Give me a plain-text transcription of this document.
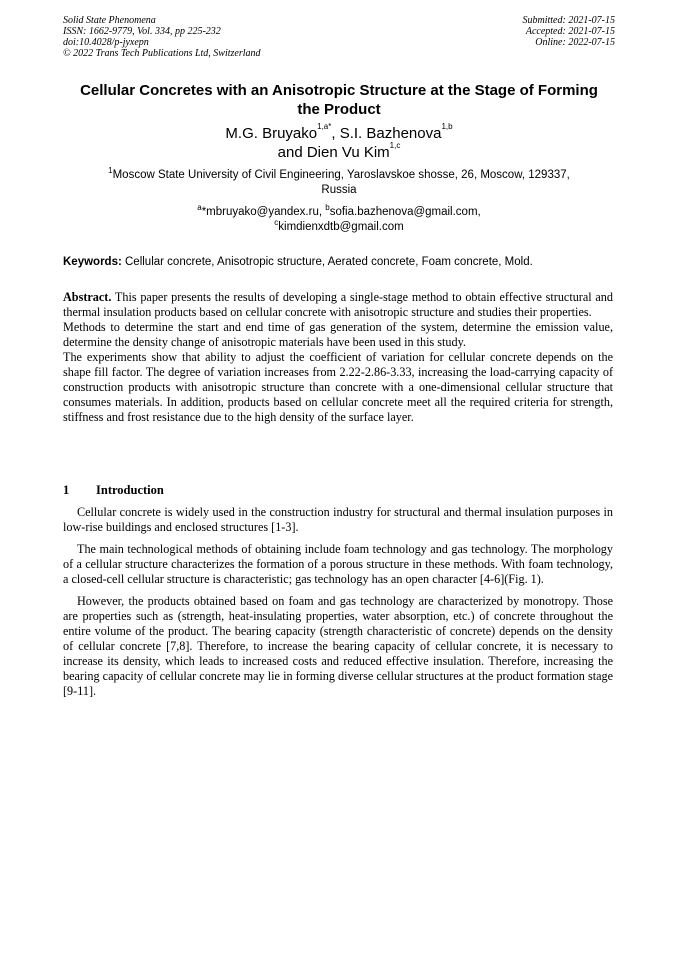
Solid State Phenomena
ISSN: 1662-9779, Vol. 334, pp 225-232
doi:10.4028/p-jyxepn
© 2022 Trans Tech Publications Ltd, Switzerland
Submitted: 2021-07-15
Accepted: 2021-07-15
Online: 2022-07-15
Cellular Concretes with an Anisotropic Structure at the Stage of Forming the Product
M.G. Bruyako$^{1,a*}$, S.I. Bazhenova$^{1,b}$
and Dien Vu Kim$^{1,c}$
$^1$Moscow State University of Civil Engineering, Yaroslavskoe shosse, 26, Moscow, 129337, Russia
$^a$*mbruyako@yandex.ru, $^b$sofia.bazhenova@gmail.com,
$^c$kimdienxdtb@gmail.com
Keywords: Cellular concrete, Anisotropic structure, Aerated concrete, Foam concrete, Mold.

Abstract. This paper presents the results of developing a single-stage method to obtain effective structural and thermal insulation products based on cellular concrete with anisotropic structure and studies their properties.

Methods to determine the start and end time of gas generation of the system, determine the emission value, determine the density change of anisotropic materials have been used in this study.

The experiments show that ability to adjust the coefficient of variation for cellular concrete depends on the shape fill factor. The degree of variation increases from 2.22-2.86-3.33, increasing the load-carrying capacity of construction products with anisotropic structure than concrete with a one-dimensional cellular structure that consumes materials. In addition, products based on cellular concrete meet all the required criteria for strength, stiffness and frost resistance due to the high density of the surface layer.

1 Introduction

Cellular concrete is widely used in the construction industry for structural and thermal insulation purposes in low-rise buildings and enclosed structures [1-3].

The main technological methods of obtaining include foam technology and gas technology. The morphology of a cellular structure characterizes the formation of a porous structure in these methods. With foam technology, a closed-cell cellular structure is characteristic; gas technology has an open character [4-6](Fig. 1).

However, the products obtained based on foam and gas technology are characterized by monotropy. Those are properties such as (strength, heat-insulating properties, water absorption, etc.) of concrete throughout the entire volume of the product. The bearing capacity (strength characteristic of concrete) depends on the density of cellular concrete [7,8]. Therefore, to increase the bearing capacity of cellular concrete, it is necessary to increase its density, which leads to increased costs and reduced effective insulation. Therefore, increasing the bearing capacity of cellular concrete may lie in forming diverse cellular structures at the product formation stage [9-11].
